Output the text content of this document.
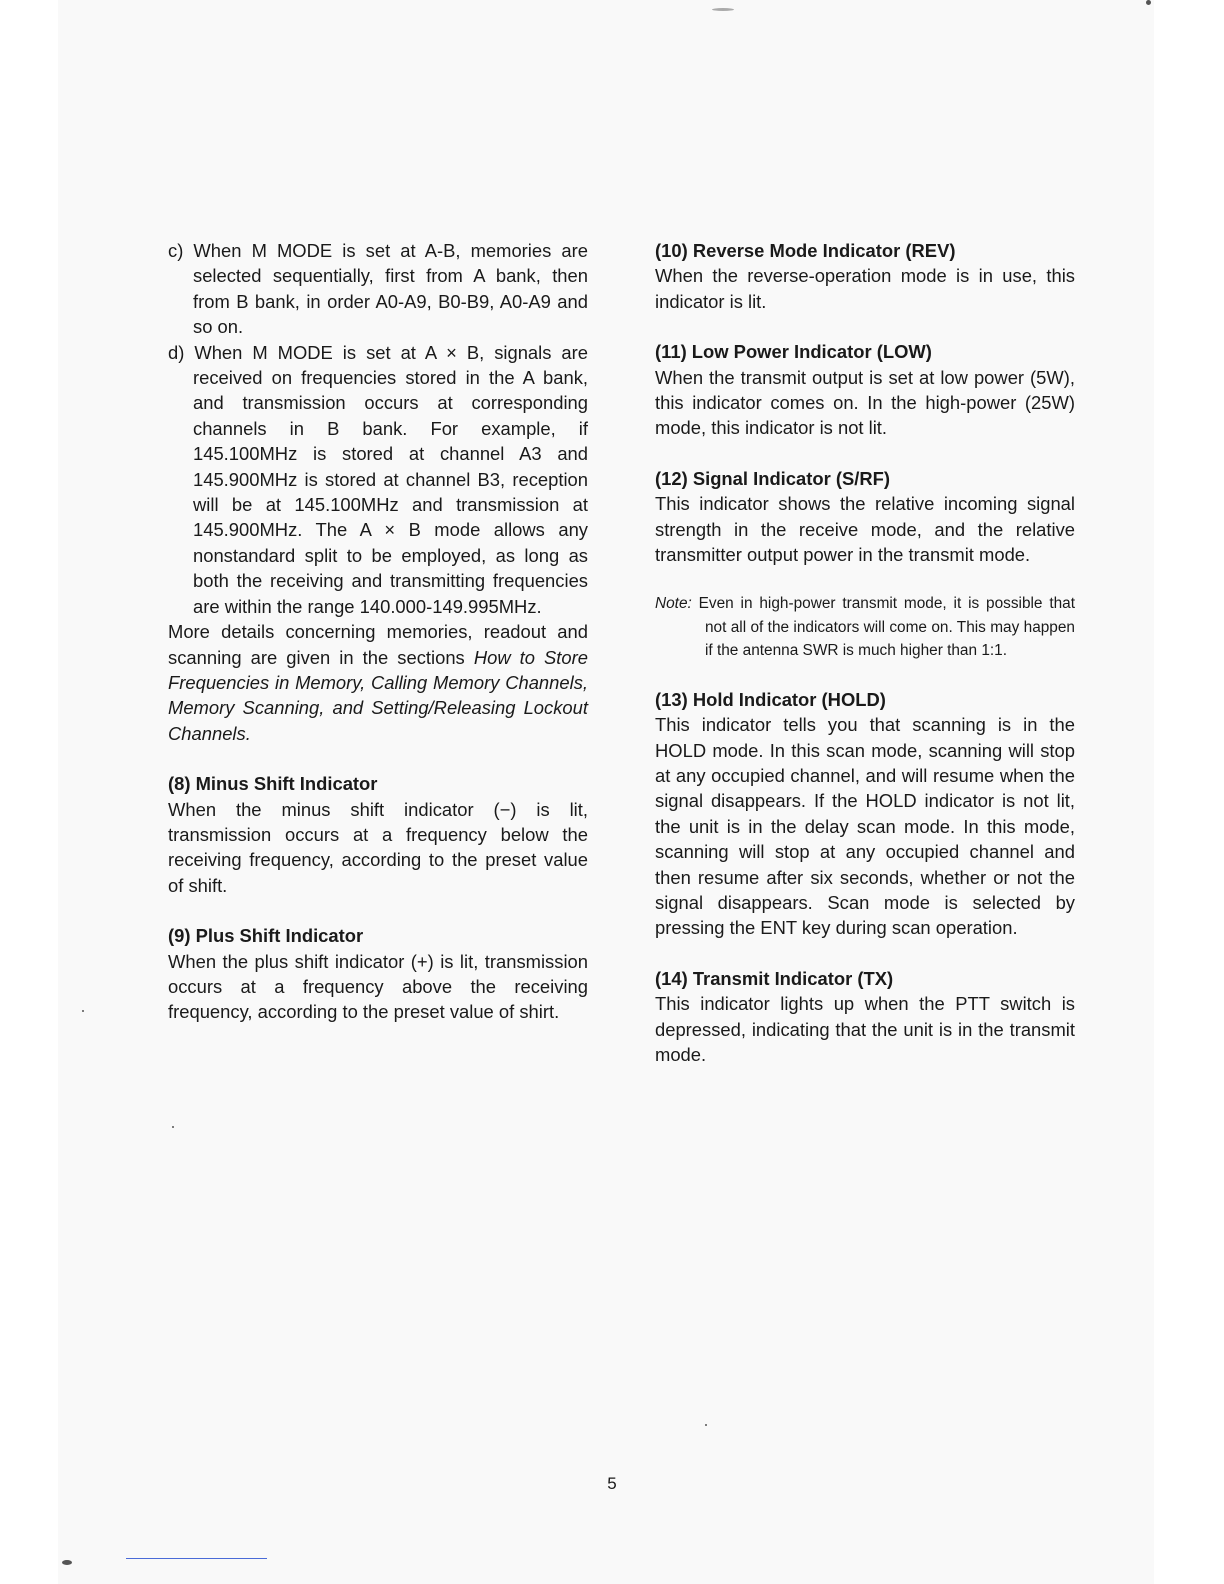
c) When M MODE is set at A-B, memories are selected sequentially, first from A bank, then from B bank, in order A0-A9, B0-B9, A0-A9 and so on.

d) When M MODE is set at A × B, signals are received on frequencies stored in the A bank, and transmission occurs at corresponding channels in B bank. For example, if 145.100MHz is stored at channel A3 and 145.900MHz is stored at channel B3, reception will be at 145.100MHz and transmission at 145.900MHz. The A × B mode allows any nonstandard split to be employed, as long as both the receiving and transmitting frequencies are within the range 140.000-149.995MHz.

More details concerning memories, readout and scanning are given in the sections How to Store Frequencies in Memory, Calling Memory Channels, Memory Scanning, and Setting/Releasing Lockout Channels.

(8) Minus Shift Indicator

When the minus shift indicator (−) is lit, transmission occurs at a frequency below the receiving frequency, according to the preset value of shift.

(9) Plus Shift Indicator

When the plus shift indicator (+) is lit, transmission occurs at a frequency above the receiving frequency, according to the preset value of shirt.

(10) Reverse Mode Indicator (REV)

When the reverse-operation mode is in use, this indicator is lit.

(11) Low Power Indicator (LOW)

When the transmit output is set at low power (5W), this indicator comes on. In the high-power (25W) mode, this indicator is not lit.

(12) Signal Indicator (S/RF)

This indicator shows the relative incoming signal strength in the receive mode, and the relative transmitter output power in the transmit mode.

Note: Even in high-power transmit mode, it is possible that not all of the indicators will come on. This may happen if the antenna SWR is much higher than 1:1.

(13) Hold Indicator (HOLD)

This indicator tells you that scanning is in the HOLD mode. In this scan mode, scanning will stop at any occupied channel, and will resume when the signal disappears. If the HOLD indicator is not lit, the unit is in the delay scan mode. In this mode, scanning will stop at any occupied channel and then resume after six seconds, whether or not the signal disappears. Scan mode is selected by pressing the ENT key during scan operation.

(14) Transmit Indicator (TX)

This indicator lights up when the PTT switch is depressed, indicating that the unit is in the transmit mode.

5
